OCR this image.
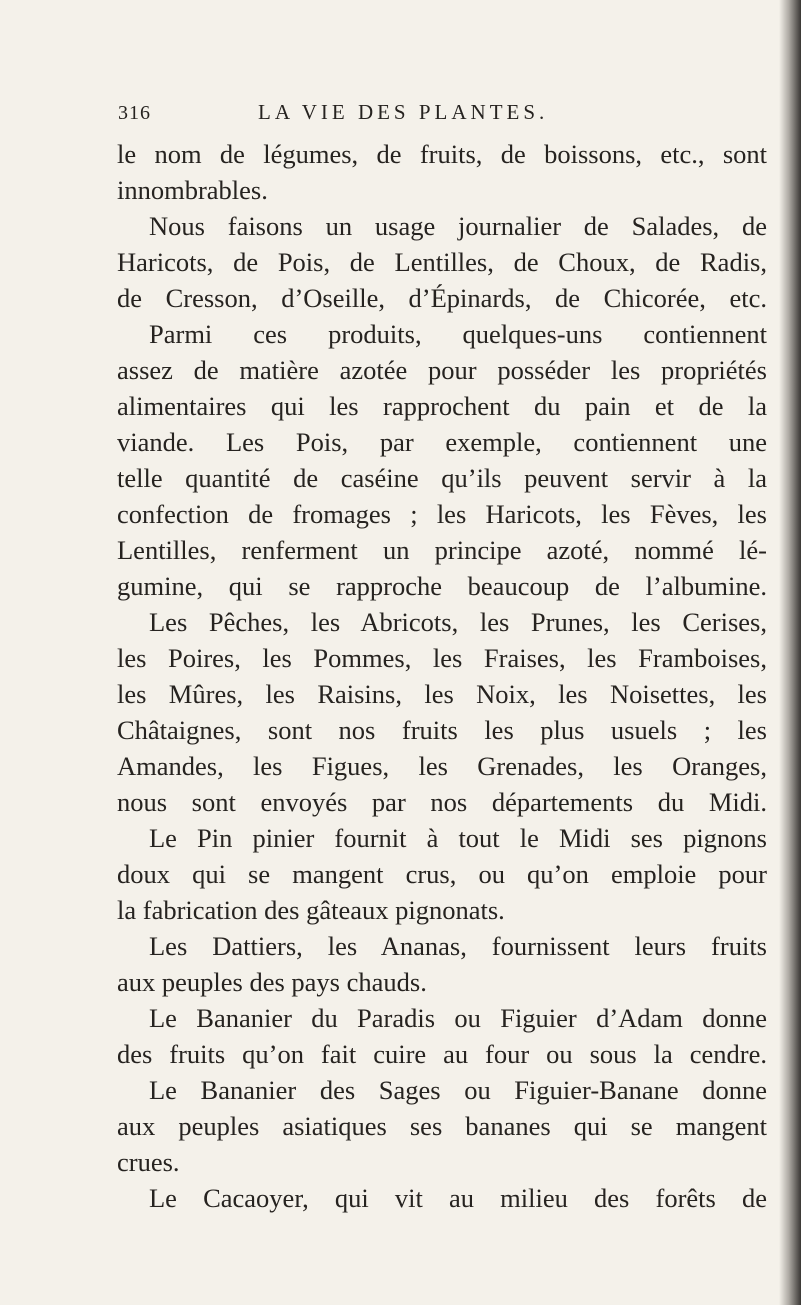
316	LA VIE DES PLANTES.
le nom de légumes, de fruits, de boissons, etc., sont
innombrables.
Nous faisons un usage journalier de Salades, de
Haricots, de Pois, de Lentilles, de Choux, de Radis,
de Cresson, d’Oseille, d’Épinards, de Chicorée, etc.
Parmi ces produits, quelques-uns contiennent
assez de matière azotée pour posséder les propriétés
alimentaires qui les rapprochent du pain et de la
viande. Les Pois, par exemple, contiennent une
telle quantité de caséine qu’ils peuvent servir à la
confection de fromages ; les Haricots, les Fèves, les
Lentilles, renferment un principe azoté, nommé lé-
gumine, qui se rapproche beaucoup de l’albumine.
Les Pêches, les Abricots, les Prunes, les Cerises,
les Poires, les Pommes, les Fraises, les Framboises,
les Mûres, les Raisins, les Noix, les Noisettes, les
Châtaignes, sont nos fruits les plus usuels ; les
Amandes, les Figues, les Grenades, les Oranges,
nous sont envoyés par nos départements du Midi.
Le Pin pinier fournit à tout le Midi ses pignons
doux qui se mangent crus, ou qu’on emploie pour
la fabrication des gâteaux pignonats.
Les Dattiers, les Ananas, fournissent leurs fruits
aux peuples des pays chauds.
Le Bananier du Paradis ou Figuier d’Adam donne
des fruits qu’on fait cuire au four ou sous la cendre.
Le Bananier des Sages ou Figuier-Banane donne
aux peuples asiatiques ses bananes qui se mangent
crues.
Le Cacaoyer, qui vit au milieu des forêts de
